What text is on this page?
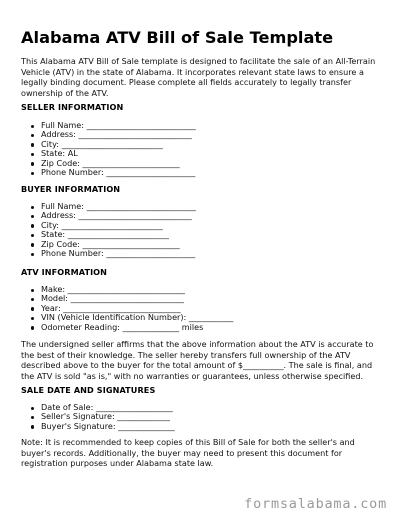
Alabama ATV Bill of Sale Template

This Alabama ATV Bill of Sale template is designed to facilitate the sale of an All-Terrain Vehicle (ATV) in the state of Alabama. It incorporates relevant state laws to ensure a legally binding document. Please complete all fields accurately to legally transfer ownership of the ATV.

SELLER INFORMATION
Full Name: ___________________________
Address: ____________________________
City: _________________________
State: AL
Zip Code: ________________________
Phone Number: ______________________
BUYER INFORMATION
Full Name: ___________________________
Address: ____________________________
City: _________________________
State: _________________________
Zip Code: ________________________
Phone Number: ______________________
ATV INFORMATION
Make: _____________________________
Model: ____________________________
Year: _____________________________
VIN (Vehicle Identification Number): ___________
Odometer Reading: ______________ miles

The undersigned seller affirms that the above information about the ATV is accurate to the best of their knowledge. The seller hereby transfers full ownership of the ATV described above to the buyer for the total amount of $__________. The sale is final, and the ATV is sold "as is," with no warranties or guarantees, unless otherwise specified.

SALE DATE AND SIGNATURES
Date of Sale: ___________________
Seller's Signature: _____________
Buyer's Signature: ______________

Note: It is recommended to keep copies of this Bill of Sale for both the seller's and buyer's records. Additionally, the buyer may need to present this document for registration purposes under Alabama state law.

formsalabama.com
